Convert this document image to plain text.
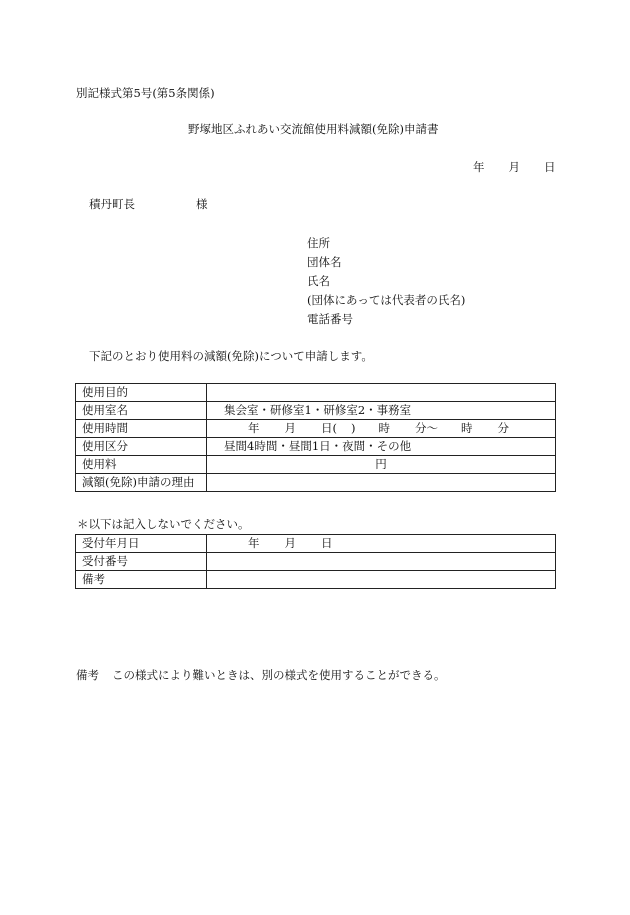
別記様式第5号(第5条関係)
野塚地区ふれあい交流館使用料減額(免除)申請書
年 月 日
積丹町長	様
住所
団体名
氏名
(団体にあっては代表者の氏名)
電話番号
下記のとおり使用料の減額(免除)について申請します。
使用目的	
使用室名	集会室・研修室1・研修室2・事務室
使用時間	年 月 日( ) 時 分〜 時 分
使用区分	昼間4時間・昼間1日・夜間・その他
使用料	円
減額(免除)申請の理由	
＊以下は記入しないでください。
受付年月日	年 月 日
受付番号	
備考	
備考 この様式により難いときは、別の様式を使用することができる。
